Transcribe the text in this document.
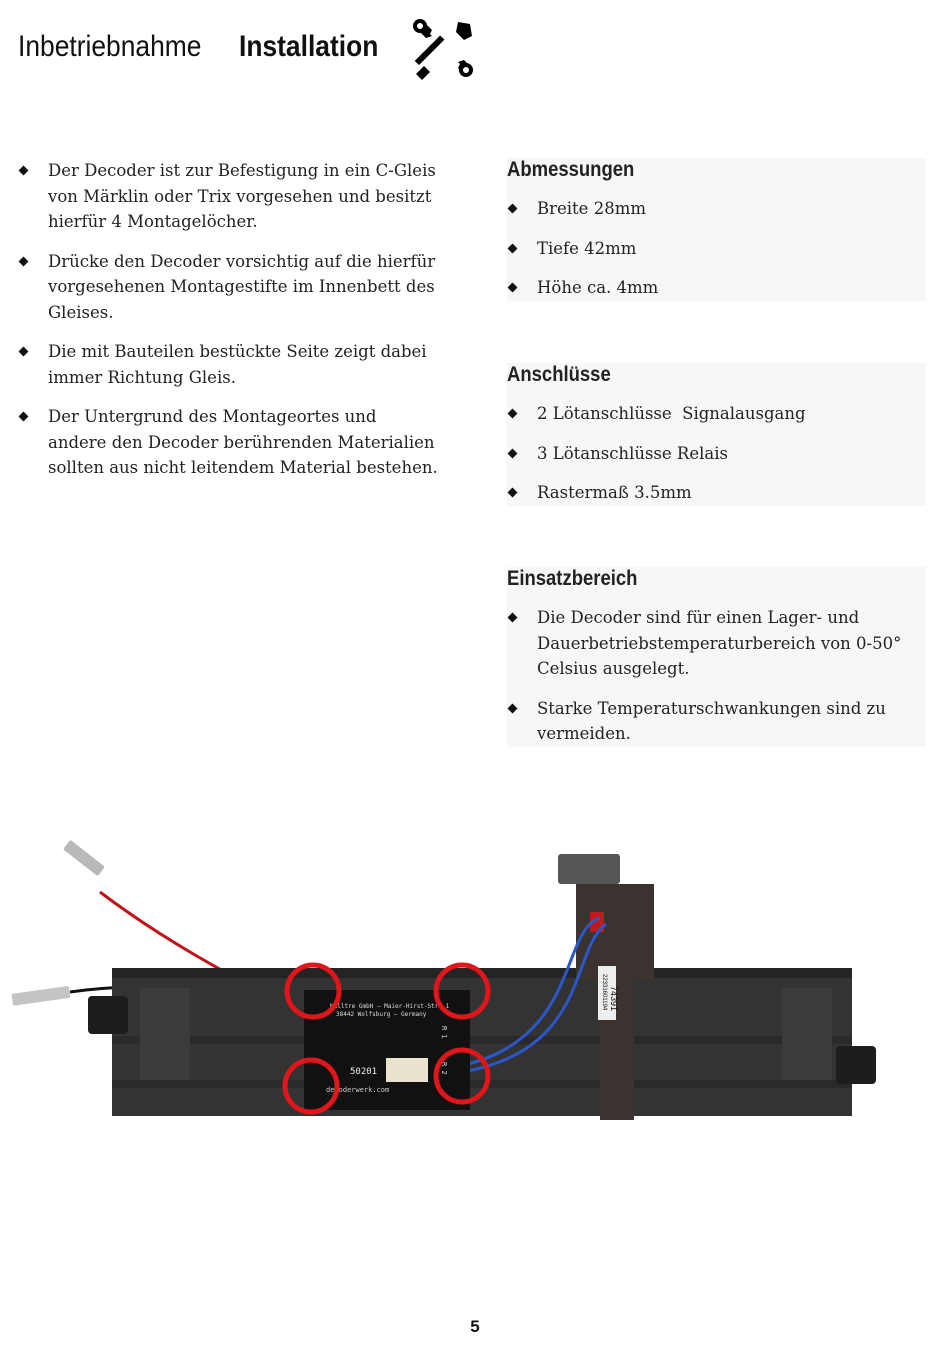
Inbetriebnahme Installation
Der Decoder ist zur Befestigung in ein C-Gleis von Märklin oder Trix vorgesehen und besitzt hierfür 4 Montagelöcher.
Drücke den Decoder vorsichtig auf die hierfür vorgesehenen Montagestifte im Innenbett des Gleises.
Die mit Bauteilen bestückte Seite zeigt dabei immer Richtung Gleis.
Der Untergrund des Montageortes und andere den Decoder berührenden Materialien sollten aus nicht leitendem Material bestehen.
Abmessungen
Breite 28mm
Tiefe 42mm
Höhe ca. 4mm
Anschlüsse
2 Lötanschlüsse  Signalausgang
3 Lötanschlüsse Relais
Rastermaß 3.5mm
Einsatzbereich
Die Decoder sind für einen Lager- und Dauerbetriebstemperaturbereich von 0-50° Celsius ausgelegt.
Starke Temperaturschwankungen sind zu vermeiden.
74391
22331601194
Nulltre GmbH – Maier-Hirst-Str. 1
38442 Wolfsburg – Germany
50201
decoderwerk.com
R 1
R 2
5
